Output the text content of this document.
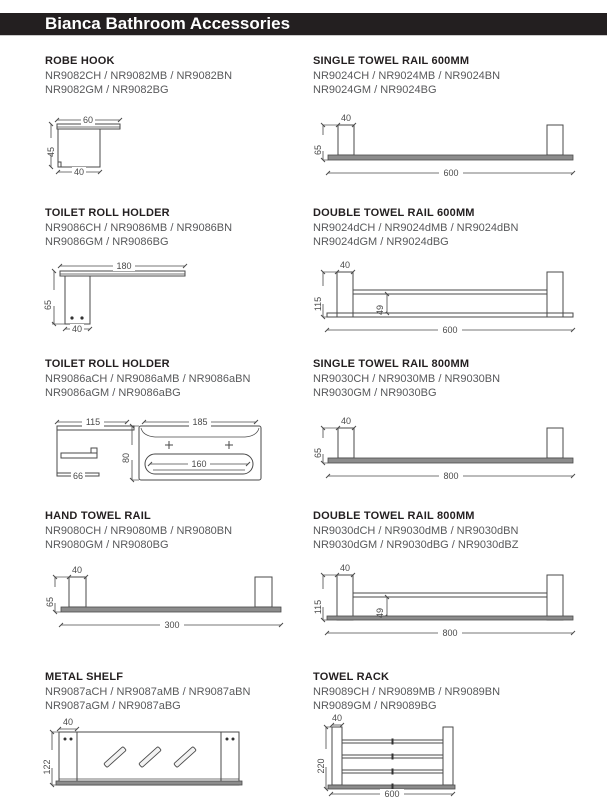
Bianca Bathroom Accessories
ROBE HOOK
NR9082CH / NR9082MB / NR9082BN
NR9082GM / NR9082BG
60
45
40
SINGLE TOWEL RAIL 600MM
NR9024CH / NR9024MB / NR9024BN
NR9024GM / NR9024BG
40
65
600
TOILET ROLL HOLDER
NR9086CH / NR9086MB / NR9086BN
NR9086GM / NR9086BG
180
65
40
DOUBLE TOWEL RAIL 600MM
NR9024dCH / NR9024dMB / NR9024dBN
NR9024dGM / NR9024dBG
40
115	49
600
TOILET ROLL HOLDER
NR9086aCH / NR9086aMB / NR9086aBN
NR9086aGM / NR9086aBG
115
66
185
80
160
SINGLE TOWEL RAIL 800MM
NR9030CH / NR9030MB / NR9030BN
NR9030GM / NR9030BG
40
65
800
HAND TOWEL RAIL
NR9080CH / NR9080MB / NR9080BN
NR9080GM / NR9080BG
40
65
300
DOUBLE TOWEL RAIL 800MM
NR9030dCH / NR9030dMB / NR9030dBN
NR9030dGM / NR9030dBG / NR9030dBZ
40
115	49
800
METAL SHELF
NR9087aCH / NR9087aMB / NR9087aBN
NR9087aGM / NR9087aBG
40
122
TOWEL RACK
NR9089CH / NR9089MB / NR9089BN
NR9089GM / NR9089BG
40
220
600
